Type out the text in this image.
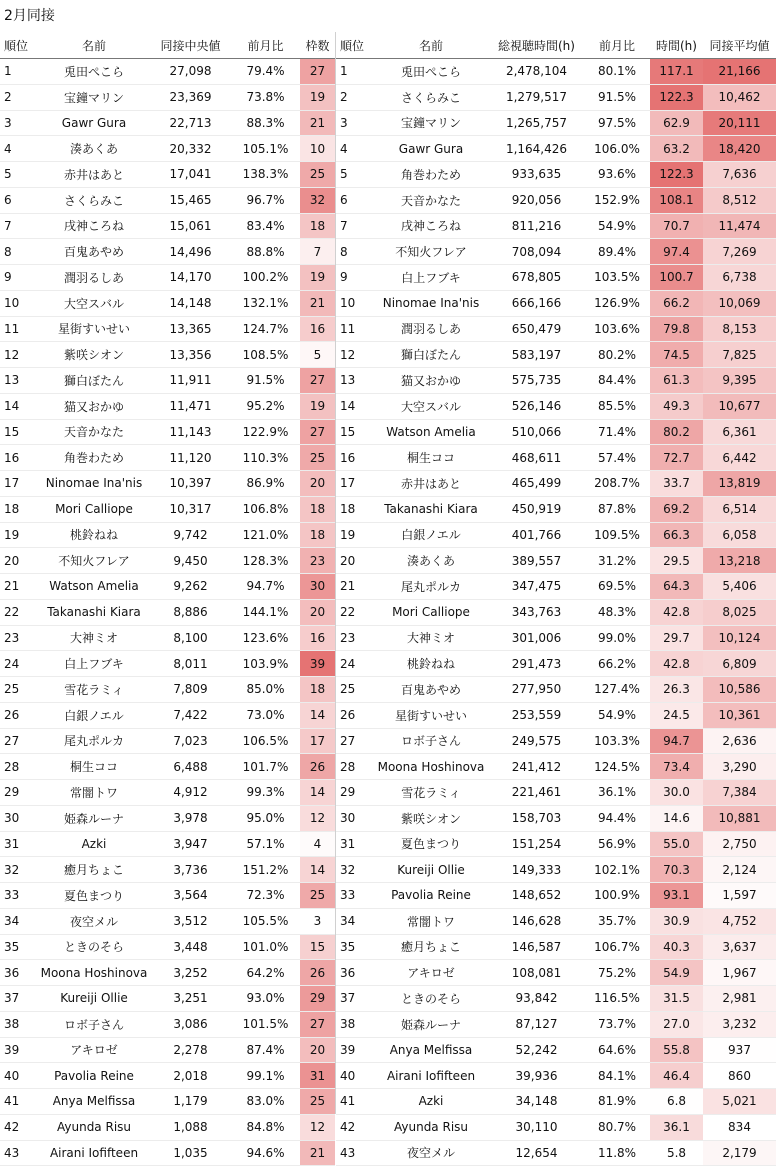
2月同接
順位	名前	同接中央値	前月比	枠数
1	兎田ぺこら	27,098	79.4%	27
2	宝鐘マリン	23,369	73.8%	19
3	Gawr Gura	22,713	88.3%	21
4	湊あくあ	20,332	105.1%	10
5	赤井はあと	17,041	138.3%	25
6	さくらみこ	15,465	96.7%	32
7	戌神ころね	15,061	83.4%	18
8	百鬼あやめ	14,496	88.8%	7
9	潤羽るしあ	14,170	100.2%	19
10	大空スバル	14,148	132.1%	21
11	星街すいせい	13,365	124.7%	16
12	紫咲シオン	13,356	108.5%	5
13	獅白ぼたん	11,911	91.5%	27
14	猫又おかゆ	11,471	95.2%	19
15	天音かなた	11,143	122.9%	27
16	角巻わため	11,120	110.3%	25
17	Ninomae Ina'nis	10,397	86.9%	20
18	Mori Calliope	10,317	106.8%	18
19	桃鈴ねね	9,742	121.0%	18
20	不知火フレア	9,450	128.3%	23
21	Watson Amelia	9,262	94.7%	30
22	Takanashi Kiara	8,886	144.1%	20
23	大神ミオ	8,100	123.6%	16
24	白上フブキ	8,011	103.9%	39
25	雪花ラミィ	7,809	85.0%	18
26	白銀ノエル	7,422	73.0%	14
27	尾丸ポルカ	7,023	106.5%	17
28	桐生ココ	6,488	101.7%	26
29	常闇トワ	4,912	99.3%	14
30	姫森ルーナ	3,978	95.0%	12
31	Azki	3,947	57.1%	4
32	癒月ちょこ	3,736	151.2%	14
33	夏色まつり	3,564	72.3%	25
34	夜空メル	3,512	105.5%	3
35	ときのそら	3,448	101.0%	15
36	Moona Hoshinova	3,252	64.2%	26
37	Kureiji Ollie	3,251	93.0%	29
38	ロボ子さん	3,086	101.5%	27
39	アキロゼ	2,278	87.4%	20
40	Pavolia Reine	2,018	99.1%	31
41	Anya Melfissa	1,179	83.0%	25
42	Ayunda Risu	1,088	84.8%	12
43	Airani Iofifteen	1,035	94.6%	21
順位	名前	総視聴時間(h)	前月比	時間(h)	同接平均値
1	兎田ぺこら	2,478,104	80.1%	117.1	21,166
2	さくらみこ	1,279,517	91.5%	122.3	10,462
3	宝鐘マリン	1,265,757	97.5%	62.9	20,111
4	Gawr Gura	1,164,426	106.0%	63.2	18,420
5	角巻わため	933,635	93.6%	122.3	7,636
6	天音かなた	920,056	152.9%	108.1	8,512
7	戌神ころね	811,216	54.9%	70.7	11,474
8	不知火フレア	708,094	89.4%	97.4	7,269
9	白上フブキ	678,805	103.5%	100.7	6,738
10	Ninomae Ina'nis	666,166	126.9%	66.2	10,069
11	潤羽るしあ	650,479	103.6%	79.8	8,153
12	獅白ぼたん	583,197	80.2%	74.5	7,825
13	猫又おかゆ	575,735	84.4%	61.3	9,395
14	大空スバル	526,146	85.5%	49.3	10,677
15	Watson Amelia	510,066	71.4%	80.2	6,361
16	桐生ココ	468,611	57.4%	72.7	6,442
17	赤井はあと	465,499	208.7%	33.7	13,819
18	Takanashi Kiara	450,919	87.8%	69.2	6,514
19	白銀ノエル	401,766	109.5%	66.3	6,058
20	湊あくあ	389,557	31.2%	29.5	13,218
21	尾丸ポルカ	347,475	69.5%	64.3	5,406
22	Mori Calliope	343,763	48.3%	42.8	8,025
23	大神ミオ	301,006	99.0%	29.7	10,124
24	桃鈴ねね	291,473	66.2%	42.8	6,809
25	百鬼あやめ	277,950	127.4%	26.3	10,586
26	星街すいせい	253,559	54.9%	24.5	10,361
27	ロボ子さん	249,575	103.3%	94.7	2,636
28	Moona Hoshinova	241,412	124.5%	73.4	3,290
29	雪花ラミィ	221,461	36.1%	30.0	7,384
30	紫咲シオン	158,703	94.4%	14.6	10,881
31	夏色まつり	151,254	56.9%	55.0	2,750
32	Kureiji Ollie	149,333	102.1%	70.3	2,124
33	Pavolia Reine	148,652	100.9%	93.1	1,597
34	常闇トワ	146,628	35.7%	30.9	4,752
35	癒月ちょこ	146,587	106.7%	40.3	3,637
36	アキロゼ	108,081	75.2%	54.9	1,967
37	ときのそら	93,842	116.5%	31.5	2,981
38	姫森ルーナ	87,127	73.7%	27.0	3,232
39	Anya Melfissa	52,242	64.6%	55.8	937
40	Airani Iofifteen	39,936	84.1%	46.4	860
41	Azki	34,148	81.9%	6.8	5,021
42	Ayunda Risu	30,110	80.7%	36.1	834
43	夜空メル	12,654	11.8%	5.8	2,179
